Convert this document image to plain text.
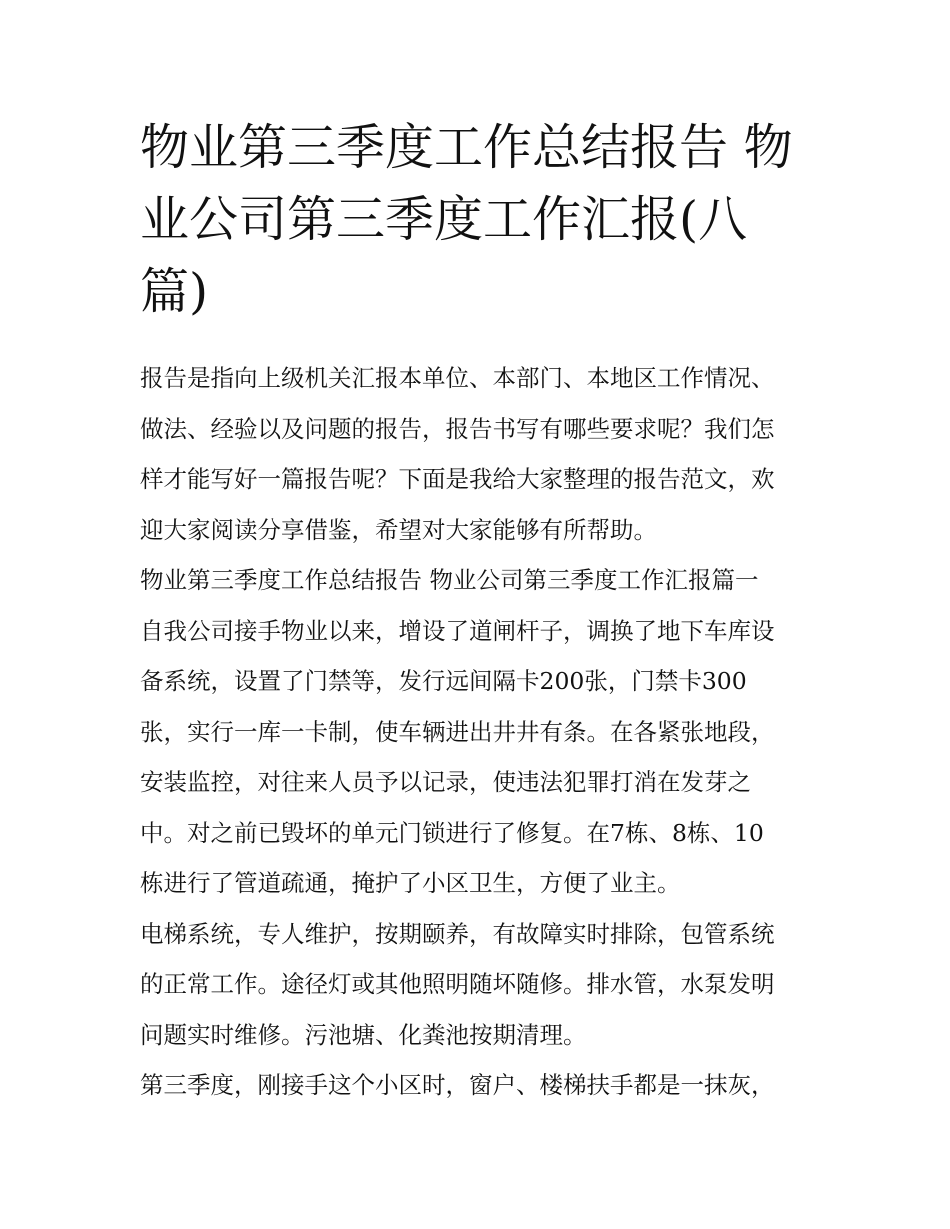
物业第三季度工作总结报告 物
业公司第三季度工作汇报(八
篇)
报告是指向上级机关汇报本单位、本部门、本地区工作情况、
做法、经验以及问题的报告，报告书写有哪些要求呢？我们怎
样才能写好一篇报告呢？下面是我给大家整理的报告范文，欢
迎大家阅读分享借鉴，希望对大家能够有所帮助。
物业第三季度工作总结报告 物业公司第三季度工作汇报篇一
自我公司接手物业以来，增设了道闸杆子，调换了地下车库设
备系统，设置了门禁等，发行远间隔卡200张，门禁卡300
张，实行一库一卡制，使车辆进出井井有条。在各紧张地段，
安装监控，对往来人员予以记录，使违法犯罪打消在发芽之
中。对之前已毁坏的单元门锁进行了修复。在7栋、8栋、10
栋进行了管道疏通，掩护了小区卫生，方便了业主。
电梯系统，专人维护，按期颐养，有故障实时排除，包管系统
的正常工作。途径灯或其他照明随坏随修。排水管，水泵发明
问题实时维修。污池塘、化粪池按期清理。
第三季度，刚接手这个小区时，窗户、楼梯扶手都是一抹灰，
